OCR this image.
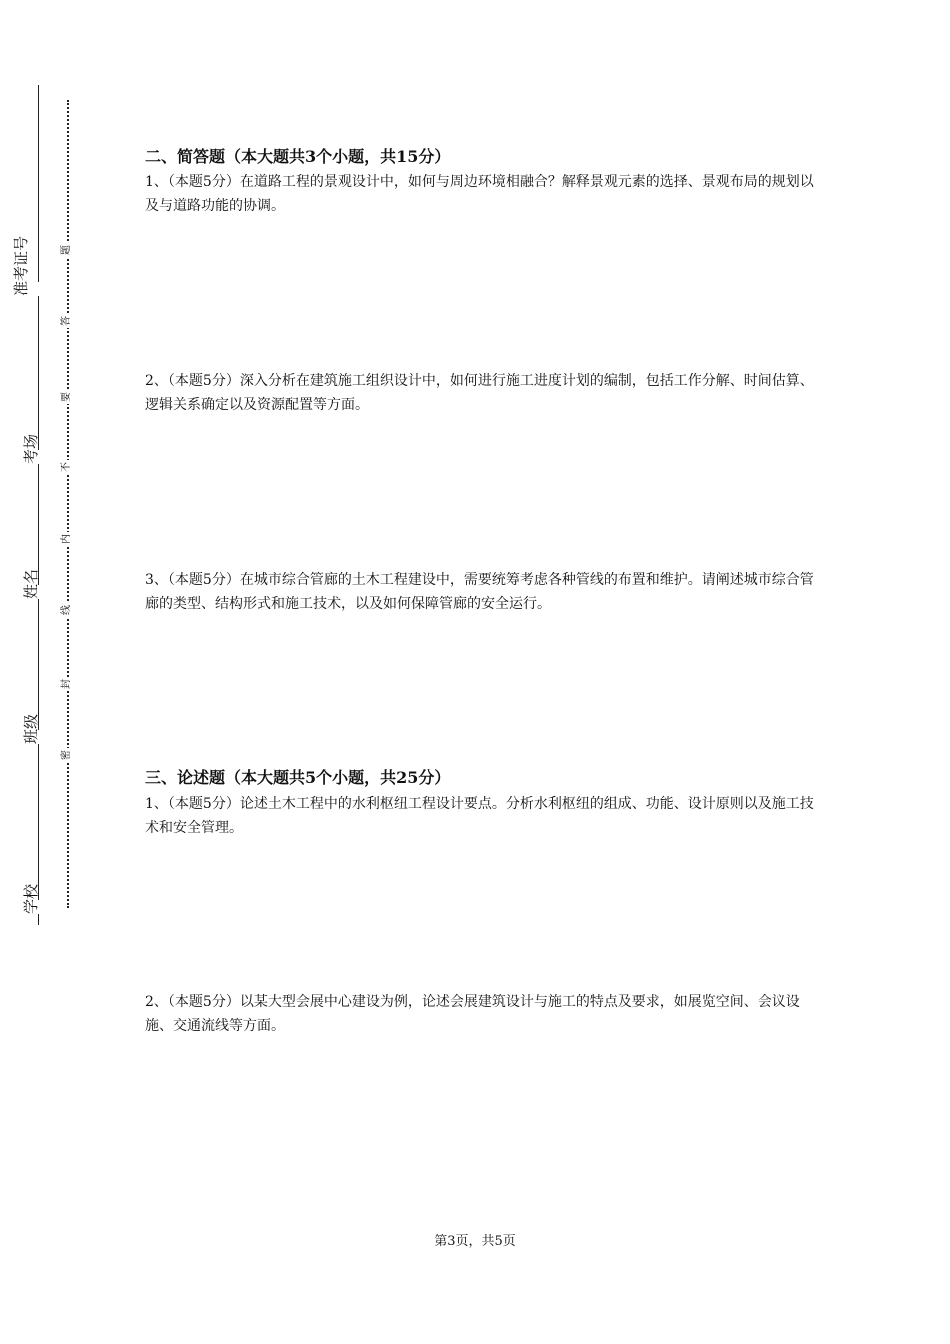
准考证号
考场
姓名
班级
学校
题
答
要
不
内
线
封
密
二、简答题（本大题共3个小题，共15分）
1、（本题5分）在道路工程的景观设计中，如何与周边环境相融合？解释景观元素的选择、景观布局的规划以及与道路功能的协调。
2、（本题5分）深入分析在建筑施工组织设计中，如何进行施工进度计划的编制，包括工作分解、时间估算、逻辑关系确定以及资源配置等方面。
3、（本题5分）在城市综合管廊的土木工程建设中，需要统筹考虑各种管线的布置和维护。请阐述城市综合管廊的类型、结构形式和施工技术，以及如何保障管廊的安全运行。
三、论述题（本大题共5个小题，共25分）
1、（本题5分）论述土木工程中的水利枢纽工程设计要点。分析水利枢纽的组成、功能、设计原则以及施工技术和安全管理。
2、（本题5分）以某大型会展中心建设为例，论述会展建筑设计与施工的特点及要求，如展览空间、会议设施、交通流线等方面。
第3页，共5页
